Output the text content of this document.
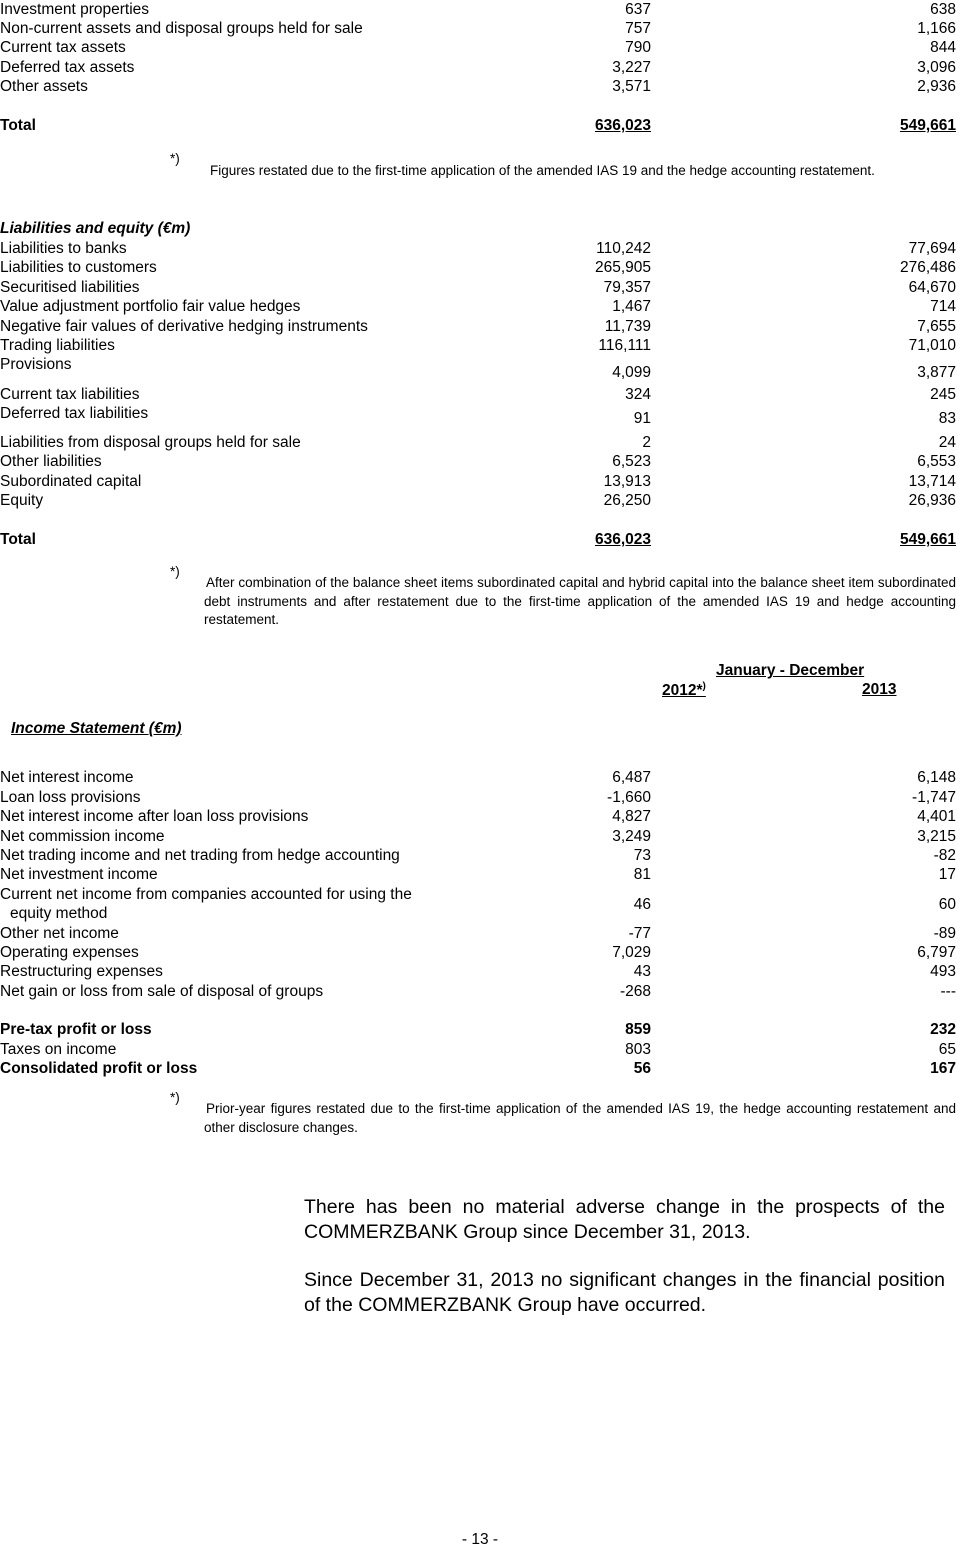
Investment properties	637	638
Non-current assets and disposal groups held for sale	757	1,166
Current tax assets	790	844
Deferred tax assets	3,227	3,096
Other assets	3,571	2,936
Total	636,023	549,661
*)
Figures restated due to the first-time application of the amended IAS 19 and the hedge accounting restatement.
Liabilities and equity (€m)
Liabilities to banks	110,242	77,694
Liabilities to customers	265,905	276,486
Securitised liabilities	79,357	64,670
Value adjustment portfolio fair value hedges	1,467	714
Negative fair values of derivative hedging instruments	11,739	7,655
Trading liabilities	116,111	71,010
Provisions	4,099	3,877
Current tax liabilities	324	245
Deferred tax liabilities	91	83
Liabilities from disposal groups held for sale	2	24
Other liabilities	6,523	6,553
Subordinated capital	13,913	13,714
Equity	26,250	26,936
Total	636,023	549,661
*)
After combination of the balance sheet items subordinated capital and hybrid capital into the balance sheet item subordinated debt instruments and after restatement due to the first-time application of the amended IAS 19 and hedge accounting restatement.
January - December
2012*)	2013
Income Statement (€m)
Net interest income	6,487	6,148
Loan loss provisions	-1,660	-1,747
Net interest income after loan loss provisions	4,827	4,401
Net commission income	3,249	3,215
Net trading income and net trading from hedge accounting	73	-82
Net investment income	81	17
Current net income from companies accounted for using the
equity method
46	60
Other net income	-77	-89
Operating expenses	7,029	6,797
Restructuring expenses	43	493
Net gain or loss from sale of disposal of groups	-268	---
Pre-tax profit or loss	859	232
Taxes on income	803	65
Consolidated profit or loss	56	167
*)
Prior-year figures restated due to the first-time application of the amended IAS 19, the hedge accounting restatement and other disclosure changes.
There has been no material adverse change in the prospects of the COMMERZBANK Group since December 31, 2013.
Since December 31, 2013 no significant changes in the financial position of the COMMERZBANK Group have occurred.
- 13 -
